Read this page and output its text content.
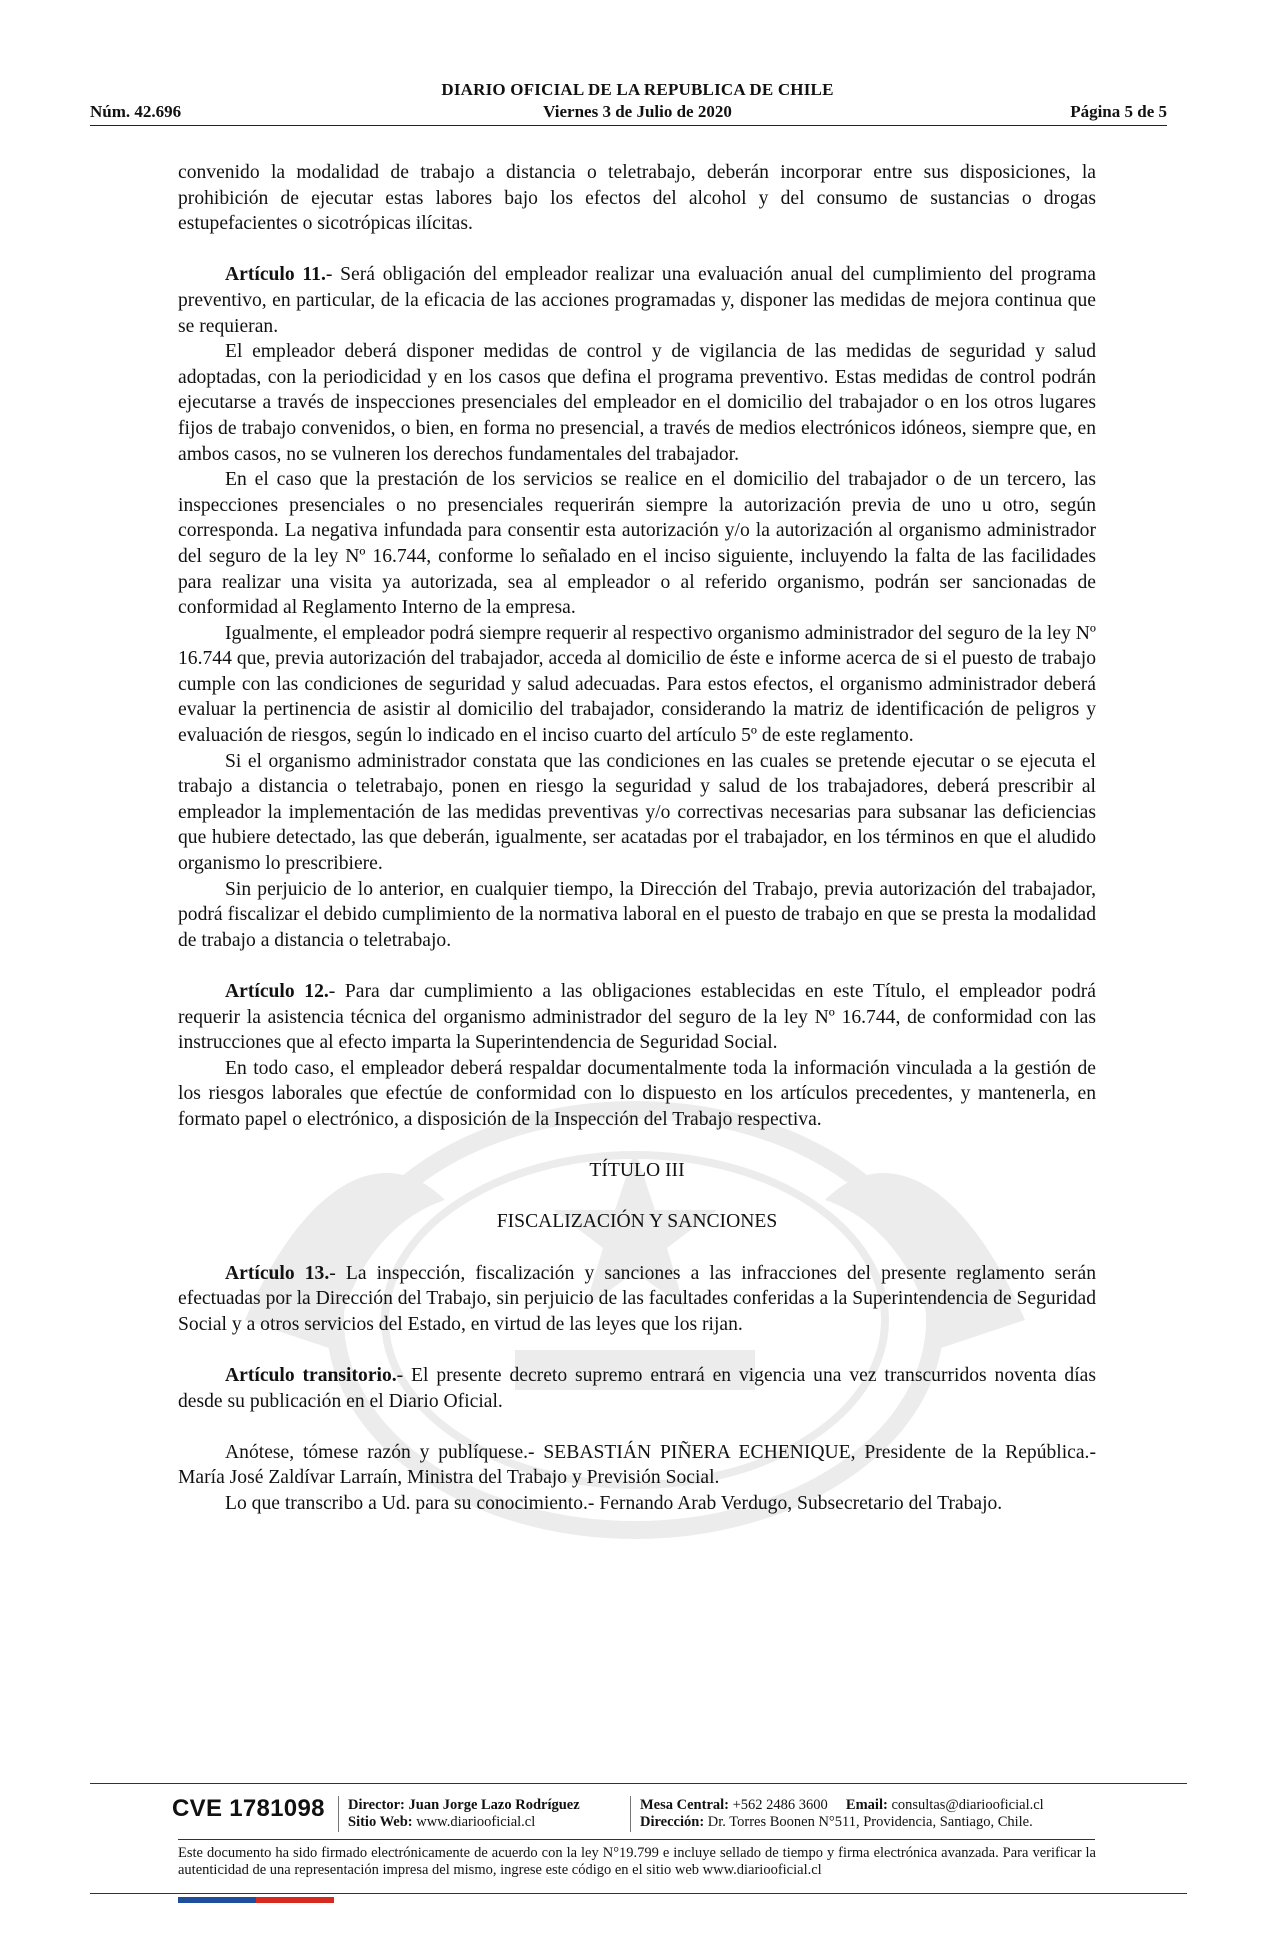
DIARIO OFICIAL DE LA REPUBLICA DE CHILE
Núm. 42.696	Viernes 3 de Julio de 2020	Página 5 de 5

convenido la modalidad de trabajo a distancia o teletrabajo, deberán incorporar entre sus disposiciones, la prohibición de ejecutar estas labores bajo los efectos del alcohol y del consumo de sustancias o drogas estupefacientes o sicotrópicas ilícitas.

Artículo 11.- Será obligación del empleador realizar una evaluación anual del cumplimiento del programa preventivo, en particular, de la eficacia de las acciones programadas y, disponer las medidas de mejora continua que se requieran.

El empleador deberá disponer medidas de control y de vigilancia de las medidas de seguridad y salud adoptadas, con la periodicidad y en los casos que defina el programa preventivo. Estas medidas de control podrán ejecutarse a través de inspecciones presenciales del empleador en el domicilio del trabajador o en los otros lugares fijos de trabajo convenidos, o bien, en forma no presencial, a través de medios electrónicos idóneos, siempre que, en ambos casos, no se vulneren los derechos fundamentales del trabajador.

En el caso que la prestación de los servicios se realice en el domicilio del trabajador o de un tercero, las inspecciones presenciales o no presenciales requerirán siempre la autorización previa de uno u otro, según corresponda. La negativa infundada para consentir esta autorización y/o la autorización al organismo administrador del seguro de la ley Nº 16.744, conforme lo señalado en el inciso siguiente, incluyendo la falta de las facilidades para realizar una visita ya autorizada, sea al empleador o al referido organismo, podrán ser sancionadas de conformidad al Reglamento Interno de la empresa.

Igualmente, el empleador podrá siempre requerir al respectivo organismo administrador del seguro de la ley Nº 16.744 que, previa autorización del trabajador, acceda al domicilio de éste e informe acerca de si el puesto de trabajo cumple con las condiciones de seguridad y salud adecuadas. Para estos efectos, el organismo administrador deberá evaluar la pertinencia de asistir al domicilio del trabajador, considerando la matriz de identificación de peligros y evaluación de riesgos, según lo indicado en el inciso cuarto del artículo 5º de este reglamento.

Si el organismo administrador constata que las condiciones en las cuales se pretende ejecutar o se ejecuta el trabajo a distancia o teletrabajo, ponen en riesgo la seguridad y salud de los trabajadores, deberá prescribir al empleador la implementación de las medidas preventivas y/o correctivas necesarias para subsanar las deficiencias que hubiere detectado, las que deberán, igualmente, ser acatadas por el trabajador, en los términos en que el aludido organismo lo prescribiere.

Sin perjuicio de lo anterior, en cualquier tiempo, la Dirección del Trabajo, previa autorización del trabajador, podrá fiscalizar el debido cumplimiento de la normativa laboral en el puesto de trabajo en que se presta la modalidad de trabajo a distancia o teletrabajo.

Artículo 12.- Para dar cumplimiento a las obligaciones establecidas en este Título, el empleador podrá requerir la asistencia técnica del organismo administrador del seguro de la ley Nº 16.744, de conformidad con las instrucciones que al efecto imparta la Superintendencia de Seguridad Social.

En todo caso, el empleador deberá respaldar documentalmente toda la información vinculada a la gestión de los riesgos laborales que efectúe de conformidad con lo dispuesto en los artículos precedentes, y mantenerla, en formato papel o electrónico, a disposición de la Inspección del Trabajo respectiva.

TÍTULO III

FISCALIZACIÓN Y SANCIONES

Artículo 13.- La inspección, fiscalización y sanciones a las infracciones del presente reglamento serán efectuadas por la Dirección del Trabajo, sin perjuicio de las facultades conferidas a la Superintendencia de Seguridad Social y a otros servicios del Estado, en virtud de las leyes que los rijan.

Artículo transitorio.- El presente decreto supremo entrará en vigencia una vez transcurridos noventa días desde su publicación en el Diario Oficial.

Anótese, tómese razón y publíquese.- SEBASTIÁN PIÑERA ECHENIQUE, Presidente de la República.- María José Zaldívar Larraín, Ministra del Trabajo y Previsión Social.

Lo que transcribo a Ud. para su conocimiento.- Fernando Arab Verdugo, Subsecretario del Trabajo.

CVE 1781098 Director: Juan Jorge Lazo Rodríguez
Sitio Web: www.diariooficial.cl
Mesa Central: +562 2486 3600 Email: consultas@diariooficial.cl
Dirección: Dr. Torres Boonen N°511, Providencia, Santiago, Chile.
Este documento ha sido firmado electrónicamente de acuerdo con la ley N°19.799 e incluye sellado de tiempo y firma electrónica avanzada. Para verificar la autenticidad de una representación impresa del mismo, ingrese este código en el sitio web www.diariooficial.cl
